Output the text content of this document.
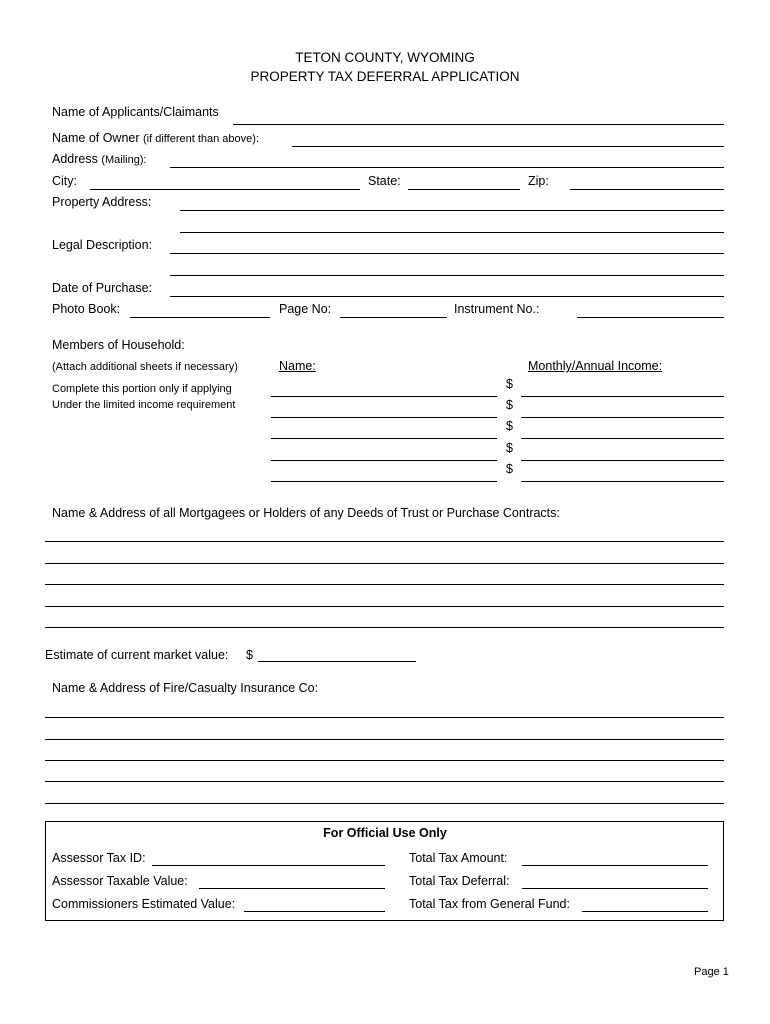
TETON COUNTY, WYOMING
PROPERTY TAX DEFERRAL APPLICATION
Name of Applicants/Claimants
Name of Owner (if different than above):
Address (Mailing):
City:	State:	Zip:
Property Address:
Legal Description:
Date of Purchase:
Photo Book:	Page No:	Instrument No.:
Members of Household:
(Attach additional sheets if necessary)
Complete this portion only if applying
Under the limited income requirement
Name:	Monthly/Annual Income:
$
$
$
$
$
Name & Address of all Mortgagees or Holders of any Deeds of Trust or Purchase Contracts:
Estimate of current market value: $
Name & Address of Fire/Casualty Insurance Co:
For Official Use Only
Assessor Tax ID:	Total Tax Amount:
Assessor Taxable Value:	Total Tax Deferral:
Commissioners Estimated Value:	Total Tax from General Fund:
Page 1
